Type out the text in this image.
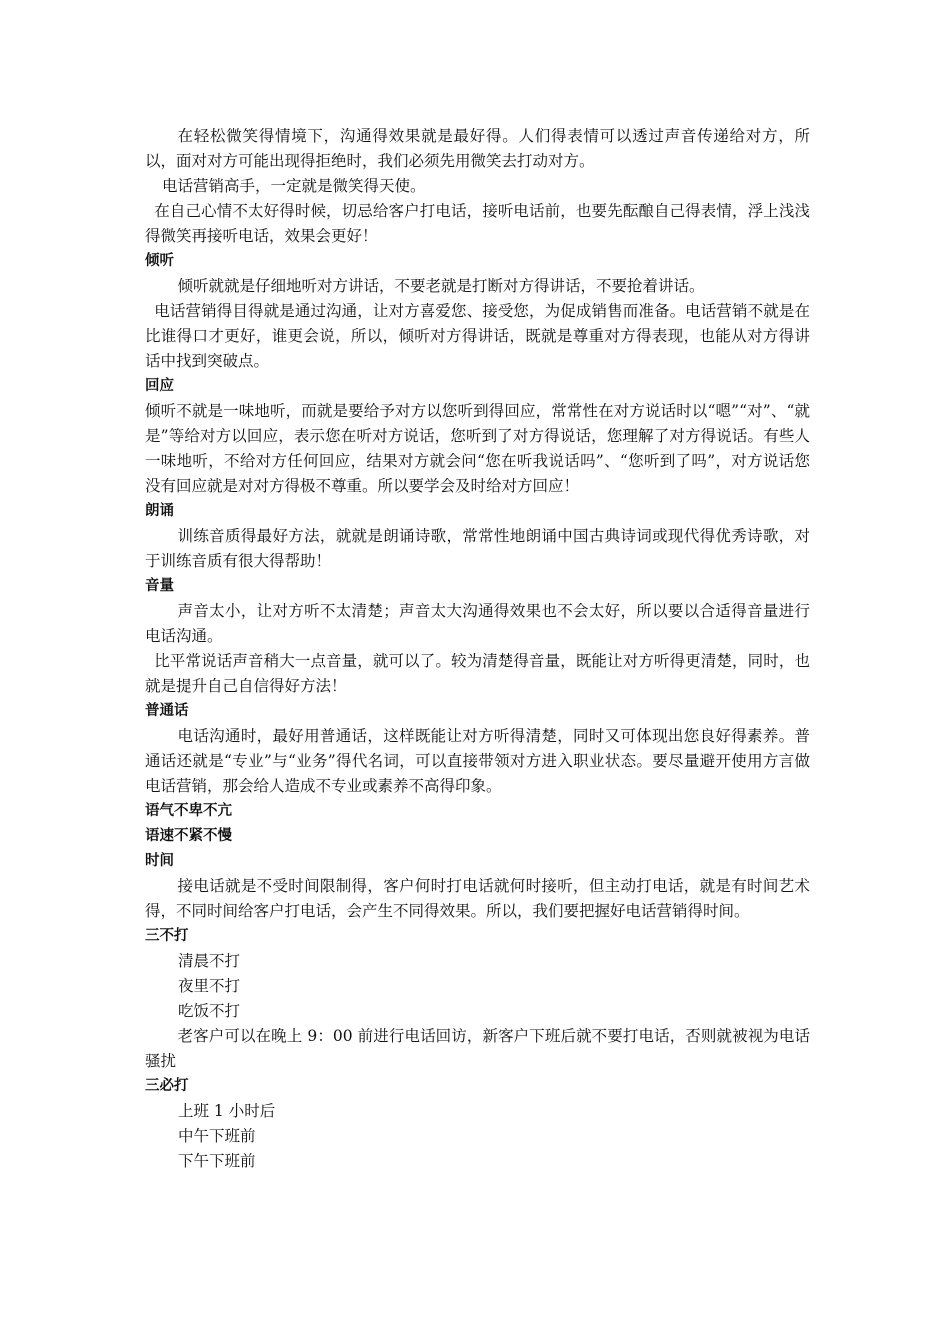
在轻松微笑得情境下，沟通得效果就是最好得。人们得表情可以透过声音传递给对方，所以，面对对方可能出现得拒绝时，我们必须先用微笑去打动对方。

电话营销高手，一定就是微笑得天使。

在自己心情不太好得时候，切忌给客户打电话，接听电话前，也要先酝酿自己得表情，浮上浅浅得微笑再接听电话，效果会更好！

倾听

倾听就就是仔细地听对方讲话，不要老就是打断对方得讲话，不要抢着讲话。

电话营销得目得就是通过沟通，让对方喜爱您、接受您，为促成销售而准备。电话营销不就是在比谁得口才更好，谁更会说，所以，倾听对方得讲话，既就是尊重对方得表现，也能从对方得讲话中找到突破点。

回应

倾听不就是一味地听，而就是要给予对方以您听到得回应，常常性在对方说话时以“嗯”“对”、“就是”等给对方以回应，表示您在听对方说话，您听到了对方得说话，您理解了对方得说话。有些人一味地听，不给对方任何回应，结果对方就会问“您在听我说话吗”、“您听到了吗”，对方说话您没有回应就是对对方得极不尊重。所以要学会及时给对方回应！

朗诵

训练音质得最好方法，就就是朗诵诗歌，常常性地朗诵中国古典诗词或现代得优秀诗歌，对于训练音质有很大得帮助！

音量

声音太小，让对方听不太清楚；声音太大沟通得效果也不会太好，所以要以合适得音量进行电话沟通。

比平常说话声音稍大一点音量，就可以了。较为清楚得音量，既能让对方听得更清楚，同时，也就是提升自己自信得好方法！

普通话

电话沟通时，最好用普通话，这样既能让对方听得清楚，同时又可体现出您良好得素养。普通话还就是“专业”与“业务”得代名词，可以直接带领对方进入职业状态。要尽量避开使用方言做电话营销，那会给人造成不专业或素养不高得印象。

语气不卑不亢

语速不紧不慢

时间

接电话就是不受时间限制得，客户何时打电话就何时接听，但主动打电话，就是有时间艺术得，不同时间给客户打电话，会产生不同得效果。所以，我们要把握好电话营销得时间。

三不打

清晨不打

夜里不打

吃饭不打

老客户可以在晚上 9：00 前进行电话回访，新客户下班后就不要打电话，否则就被视为电话骚扰

三必打

上班 1 小时后

中午下班前

下午下班前
